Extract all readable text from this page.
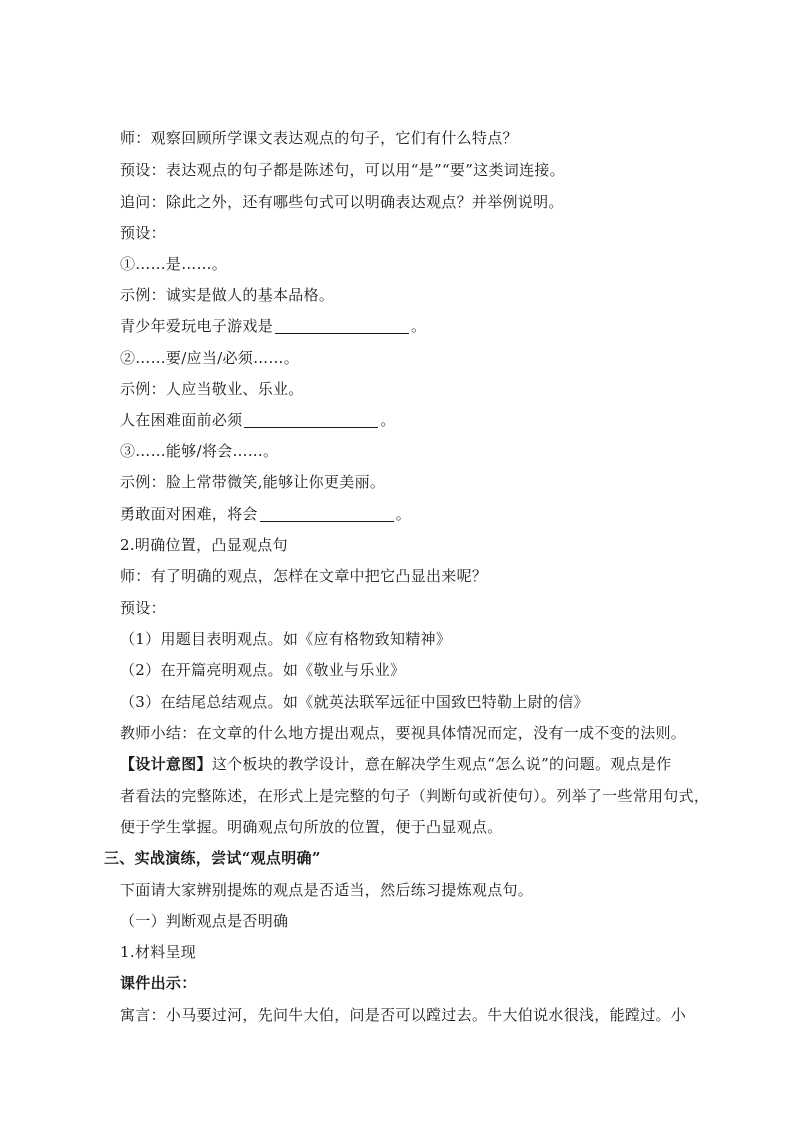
师：观察回顾所学课文表达观点的句子，它们有什么特点？
预设：表达观点的句子都是陈述句，可以用“是”“要”这类词连接。
追问：除此之外，还有哪些句式可以明确表达观点？并举例说明。
预设：
①……是……。
示例：诚实是做人的基本品格。
青少年爱玩电子游戏是	。
②……要/应当/必须……。
示例：人应当敬业、乐业。
人在困难面前必须	。
③……能够/将会……。
示例：脸上常带微笑,能够让你更美丽。
勇敢面对困难，将会	。
2.明确位置，凸显观点句
师：有了明确的观点，怎样在文章中把它凸显出来呢？
预设：
（1）用题目表明观点。如《应有格物致知精神》
（2）在开篇亮明观点。如《敬业与乐业》
（3）在结尾总结观点。如《就英法联军远征中国致巴特勒上尉的信》
教师小结：在文章的什么地方提出观点，要视具体情况而定，没有一成不变的法则。
【设计意图】这个板块的教学设计，意在解决学生观点“怎么说”的问题。观点是作
者看法的完整陈述，在形式上是完整的句子（判断句或祈使句）。列举了一些常用句式，
便于学生掌握。明确观点句所放的位置，便于凸显观点。
三、实战演练，尝试“观点明确”
下面请大家辨别提炼的观点是否适当，然后练习提炼观点句。
（一）判断观点是否明确
1.材料呈现
课件出示：
寓言：小马要过河，先问牛大伯，问是否可以蹚过去。牛大伯说水很浅，能蹚过。小
